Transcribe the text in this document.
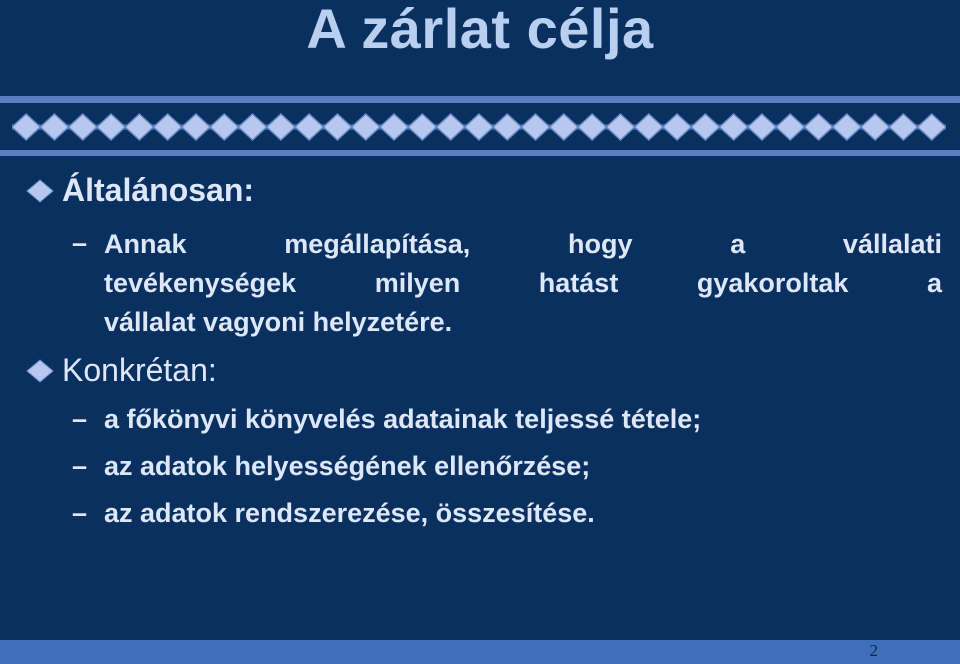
A zárlat célja
Általánosan:
– Annak megállapítása, hogy a vállalati
tevékenységek milyen hatást gyakoroltak a
vállalat vagyoni helyzetére.
Konkrétan:
– a főkönyvi könyvelés adatainak teljessé tétele;
– az adatok helyességének ellenőrzése;
– az adatok rendszerezése, összesítése.
2
